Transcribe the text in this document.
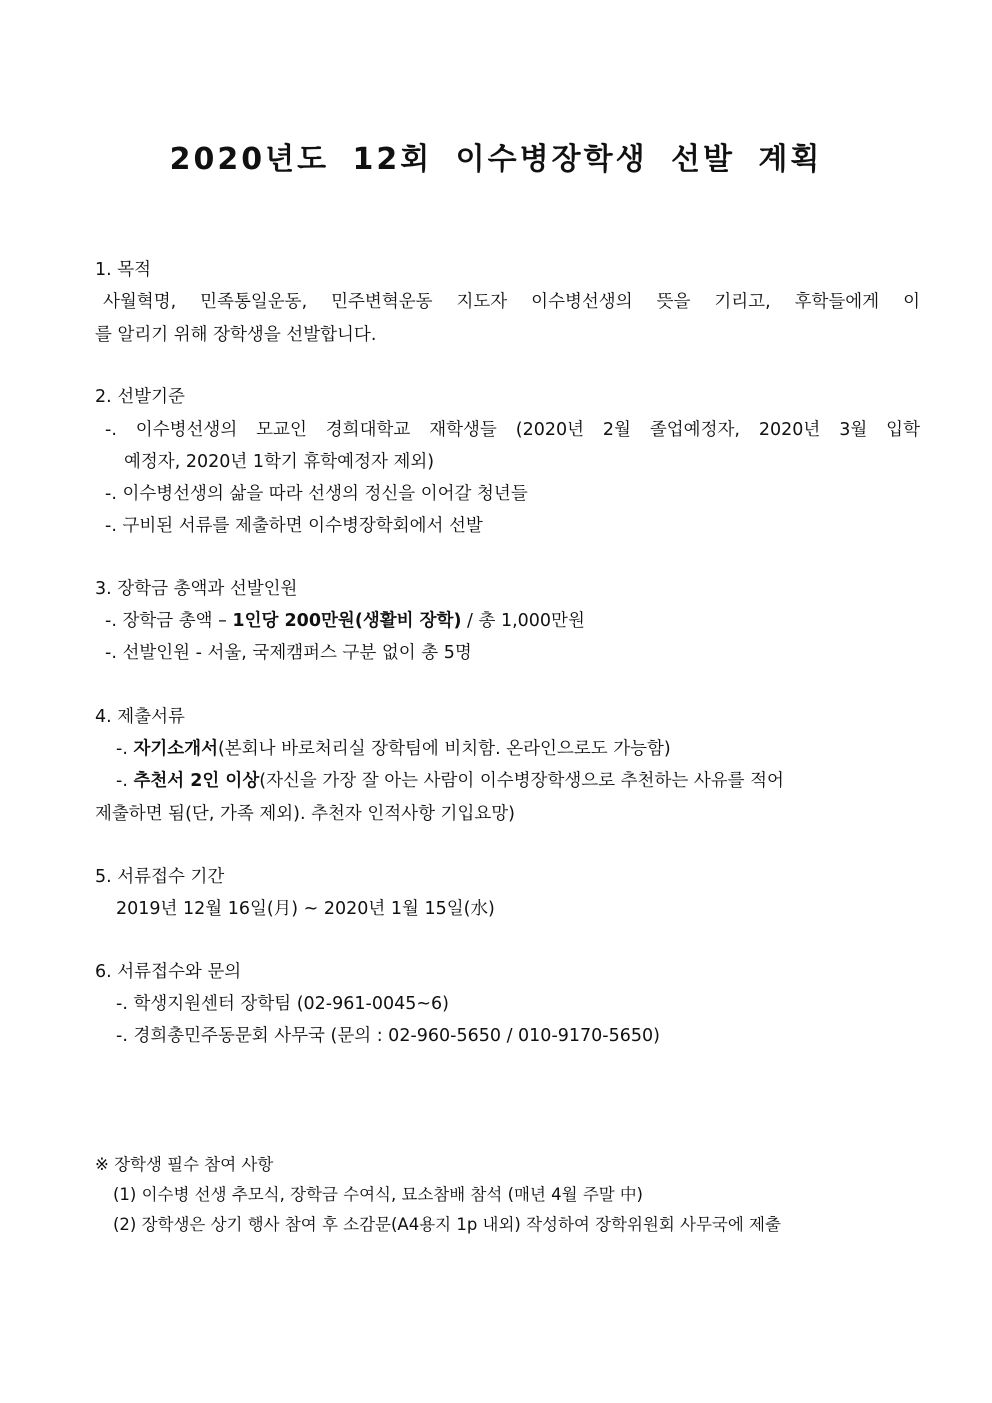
2020년도 12회 이수병장학생 선발 계획
1. 목적
사월혁명, 민족통일운동, 민주변혁운동 지도자 이수병선생의 뜻을 기리고, 후학들에게 이
를 알리기 위해 장학생을 선발합니다.
2. 선발기준
-. 이수병선생의 모교인 경희대학교 재학생들 (2020년 2월 졸업예정자, 2020년 3월 입학
예정자, 2020년 1학기 휴학예정자 제외)
-. 이수병선생의 삶을 따라 선생의 정신을 이어갈 청년들
-. 구비된 서류를 제출하면 이수병장학회에서 선발
3. 장학금 총액과 선발인원
-. 장학금 총액 – 1인당 200만원(생활비 장학) / 총 1,000만원
-. 선발인원 - 서울, 국제캠퍼스 구분 없이 총 5명
4. 제출서류
-. 자기소개서(본회나 바로처리실 장학팀에 비치함. 온라인으로도 가능함)
-. 추천서 2인 이상(자신을 가장 잘 아는 사람이 이수병장학생으로 추천하는 사유를 적어
제출하면 됨(단, 가족 제외). 추천자 인적사항 기입요망)
5. 서류접수 기간
2019년 12월 16일(月) ~ 2020년 1월 15일(水)
6. 서류접수와 문의
-. 학생지원센터 장학팀 (02-961-0045~6)
-. 경희총민주동문회 사무국 (문의 : 02-960-5650 / 010-9170-5650)
※ 장학생 필수 참여 사항
(1) 이수병 선생 추모식, 장학금 수여식, 묘소참배 참석 (매년 4월 주말 中)
(2) 장학생은 상기 행사 참여 후 소감문(A4용지 1p 내외) 작성하여 장학위원회 사무국에 제출
